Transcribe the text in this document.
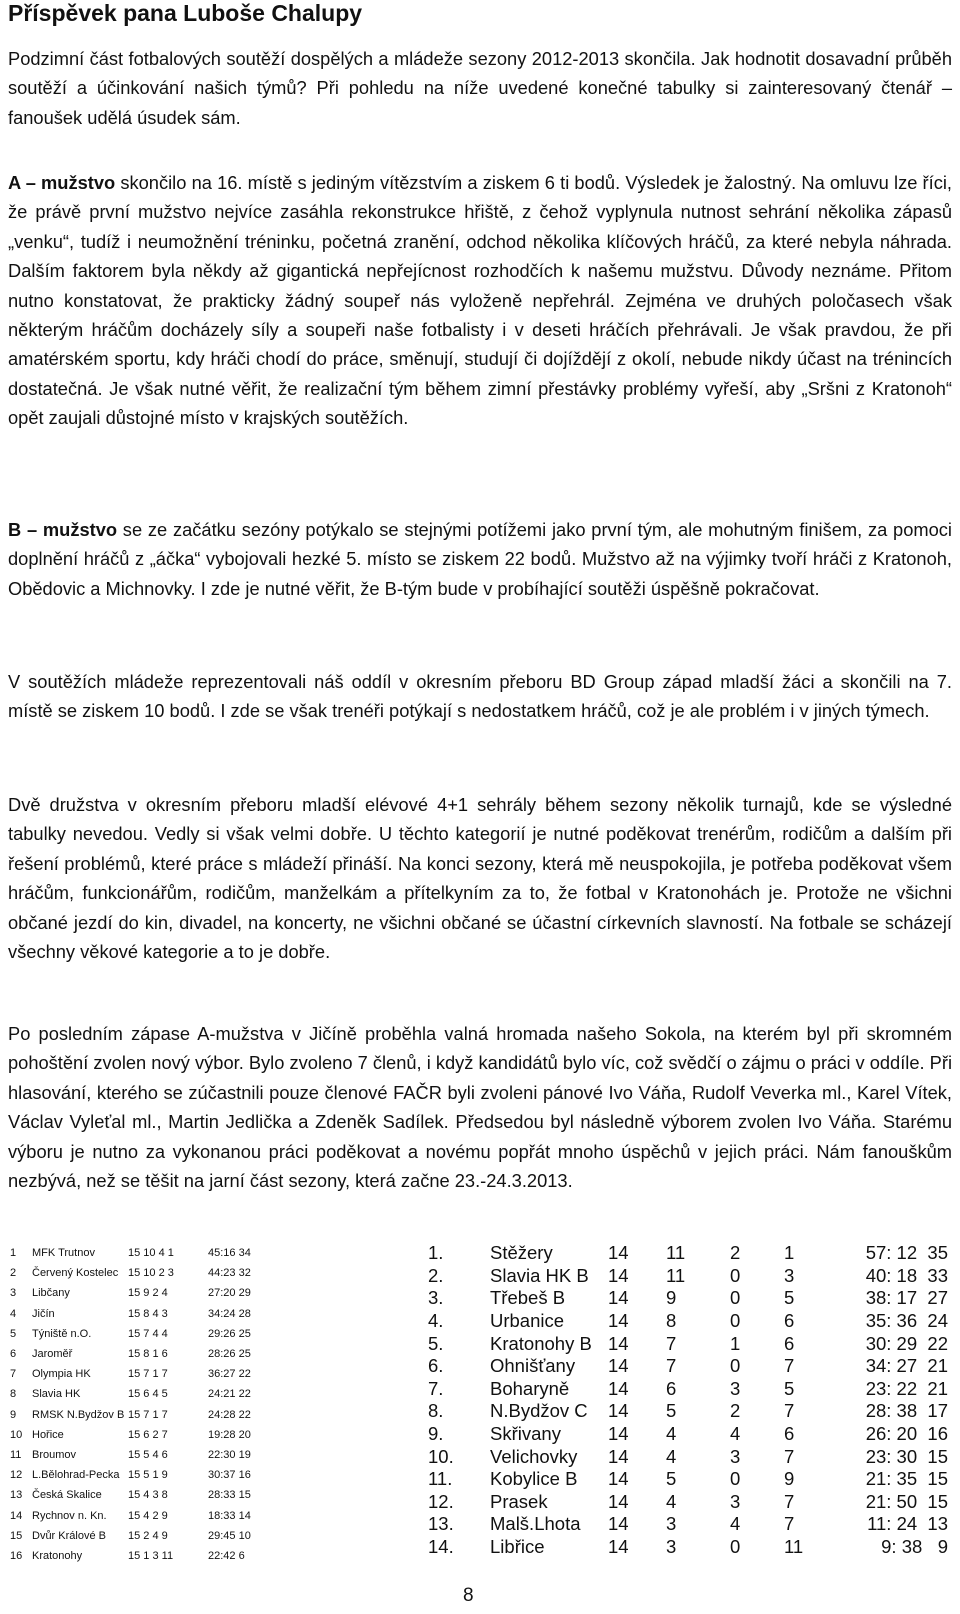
Příspěvek pana Luboše Chalupy

Podzimní část fotbalových soutěží dospělých a mládeže sezony 2012-2013 skončila. Jak hodnotit dosavadní průběh soutěží a účinkování našich týmů? Při pohledu na níže uvedené konečné tabulky si zainteresovaný čtenář – fanoušek udělá úsudek sám.

A – mužstvo skončilo na 16. místě s jediným vítězstvím a ziskem 6 ti bodů. Výsledek je žalostný. Na omluvu lze říci, že právě první mužstvo nejvíce zasáhla rekonstrukce hřiště, z čehož vyplynula nutnost sehrání několika zápasů „venku“, tudíž i neumožnění tréninku, početná zranění, odchod několika klíčových hráčů, za které nebyla náhrada. Dalším faktorem byla někdy až gigantická nepřejícnost rozhodčích k našemu mužstvu. Důvody neznáme. Přitom nutno konstatovat, že prakticky žádný soupeř nás vyloženě nepřehrál. Zejména ve druhých poločasech však některým hráčům docházely síly a soupeři naše fotbalisty i v deseti hráčích přehrávali. Je však pravdou, že při amatérském sportu, kdy hráči chodí do práce, směnují, studují či dojíždějí z okolí, nebude nikdy účast na trénincích dostatečná. Je však nutné věřit, že realizační tým během zimní přestávky problémy vyřeší, aby „Sršni z Kratonoh“ opět zaujali důstojné místo v krajských soutěžích.

B – mužstvo se ze začátku sezóny potýkalo se stejnými potížemi jako první tým, ale mohutným finišem, za pomoci doplnění hráčů z „áčka“ vybojovali hezké 5. místo se ziskem 22 bodů. Mužstvo až na výjimky tvoří hráči z Kratonoh, Obědovic a Michnovky. I zde je nutné věřit, že B-tým bude v probíhající soutěži úspěšně pokračovat.

V soutěžích mládeže reprezentovali náš oddíl v okresním přeboru BD Group západ mladší žáci a skončili na 7. místě se ziskem 10 bodů. I zde se však trenéři potýkají s nedostatkem hráčů, což je ale problém i v jiných týmech.

Dvě družstva v okresním přeboru mladší elévové 4+1 sehrály během sezony několik turnajů, kde se výsledné tabulky nevedou. Vedly si však velmi dobře. U těchto kategorií je nutné poděkovat trenérům, rodičům a dalším při řešení problémů, které práce s mládeží přináší. Na konci sezony, která mě neuspokojila, je potřeba poděkovat všem hráčům, funkcionářům, rodičům, manželkám a přítelkyním za to, že fotbal v Kratonohách je. Protože ne všichni občané jezdí do kin, divadel, na koncerty, ne všichni občané se účastní církevních slavností. Na fotbale se scházejí všechny věkové kategorie a to je dobře.

Po posledním zápase A-mužstva v Jičíně proběhla valná hromada našeho Sokola, na kterém byl při skromném pohoštění zvolen nový výbor. Bylo zvoleno 7 členů, i když kandidátů bylo víc, což svědčí o zájmu o práci v oddíle. Při hlasování, kterého se zúčastnili pouze členové FAČR byli zvoleni pánové Ivo Váňa, Rudolf Veverka ml., Karel Vítek, Václav Vyleťal ml., Martin Jedlička a Zdeněk Sadílek. Předsedou byl následně výborem zvolen Ivo Váňa. Starému výboru je nutno za vykonanou práci poděkovat a novému popřát mnoho úspěchů v jejich práci. Nám fanouškům nezbývá, než se těšit na jarní část sezony, která začne 23.-24.3.2013.

1	MFK Trutnov	15 10 4 1	45:16 34
2	Červený Kostelec	15 10 2 3	44:23 32
3	Libčany	15 9 2 4	27:20 29
4	Jičín	15 8 4 3	34:24 28
5	Týniště n.O.	15 7 4 4	29:26 25
6	Jaroměř	15 8 1 6	28:26 25
7	Olympia HK	15 7 1 7	36:27 22
8	Slavia HK	15 6 4 5	24:21 22
9	RMSK N.Bydžov B	15 7 1 7	24:28 22
10	Hořice	15 6 2 7	19:28 20
11	Broumov	15 5 4 6	22:30 19
12	L.Bělohrad-Pecka	15 5 1 9	30:37 16
13	Česká Skalice	15 4 3 8	28:33 15
14	Rychnov n. Kn.	15 4 2 9	18:33 14
15	Dvůr Králové B	15 2 4 9	29:45 10
16	Kratonohy	15 1 3 11	22:42 6
1.	Stěžery	14	11	2	1	57: 12  35
2.	Slavia HK B	14	11	0	3	40: 18  33
3.	Třebeš B	14	9	0	5	38: 17  27
4.	Urbanice	14	8	0	6	35: 36  24
5.	Kratonohy B	14	7	1	6	30: 29  22
6.	Ohnišťany	14	7	0	7	34: 27  21
7.	Boharyně	14	6	3	5	23: 22  21
8.	N.Bydžov C	14	5	2	7	28: 38  17
9.	Skřivany	14	4	4	6	26: 20  16
10.	Velichovky	14	4	3	7	23: 30  15
11.	Kobylice B	14	5	0	9	21: 35  15
12.	Prasek	14	4	3	7	21: 50  15
13.	Malš.Lhota	14	3	4	7	11: 24  13
14.	Libřice	14	3	0	11	9: 38   9
8
